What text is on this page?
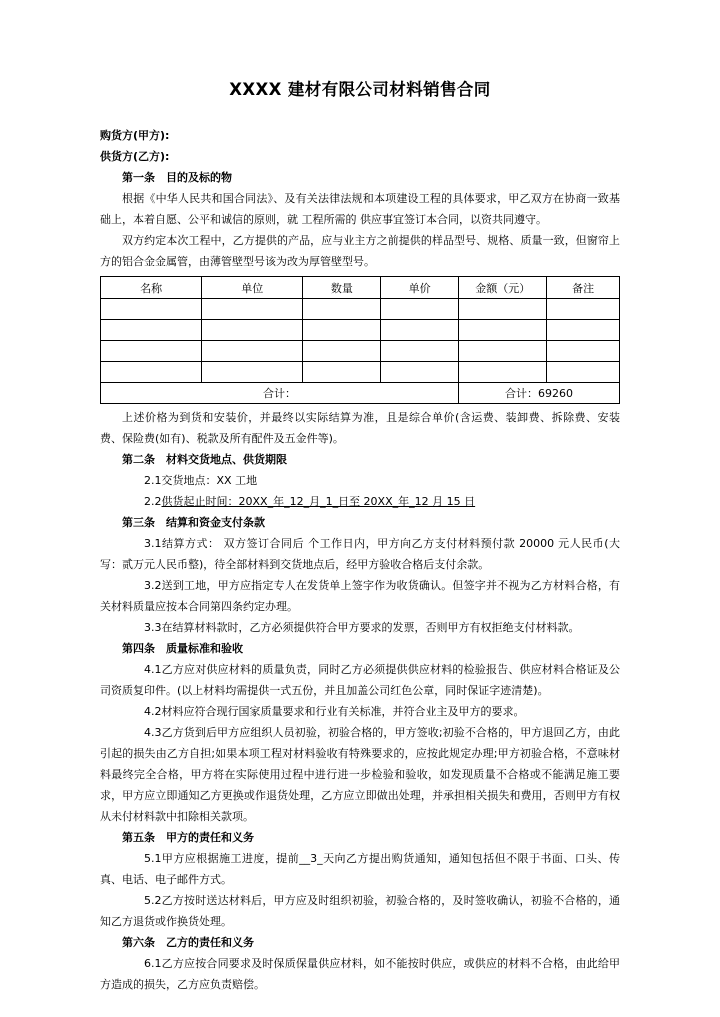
XXXX 建材有限公司材料销售合同

购货方(甲方):

供货方(乙方):

第一条　目的及标的物

根据《中华人民共和国合同法》、及有关法律法规和本项建设工程的具体要求，甲乙双方在协商一致基础上，本着自愿、公平和诚信的原则，就 工程所需的 供应事宜签订本合同，以资共同遵守。

双方约定本次工程中，乙方提供的产品，应与业主方之前提供的样品型号、规格、质量一致，但窗帘上方的铝合金金属管，由薄管壁型号该为改为厚管壁型号。

名称	单位	数量	单价	金额（元）	备注

合计：				合计：69260	

上述价格为到货和安装价，并最终以实际结算为准，且是综合单价(含运费、装卸费、拆除费、安装费、保险费(如有)、税款及所有配件及五金件等)。

第二条　材料交货地点、供货期限

2.1交货地点：XX 工地

2.2供货起止时间：20XX_年_12_月_1_日至 20XX_年_12 月 15 日

第三条　结算和资金支付条款

3.1结算方式： 双方签订合同后 个工作日内，甲方向乙方支付材料预付款 20000 元人民币(大写：贰万元人民币整)，待全部材料到交货地点后，经甲方验收合格后支付余款。

3.2送到工地，甲方应指定专人在发货单上签字作为收货确认。但签字并不视为乙方材料合格，有关材料质量应按本合同第四条约定办理。

3.3在结算材料款时，乙方必须提供符合甲方要求的发票，否则甲方有权拒绝支付材料款。

第四条　质量标准和验收

4.1乙方应对供应材料的质量负责，同时乙方必须提供供应材料的检验报告、供应材料合格证及公司资质复印件。(以上材料均需提供一式五份，并且加盖公司红色公章，同时保证字迹清楚)。

4.2材料应符合现行国家质量要求和行业有关标准，并符合业主及甲方的要求。

4.3乙方货到后甲方应组织人员初验，初验合格的，甲方签收;初验不合格的，甲方退回乙方，由此引起的损失由乙方自担;如果本项工程对材料验收有特殊要求的，应按此规定办理;甲方初验合格，不意味材料最终完全合格，甲方将在实际使用过程中进行进一步检验和验收，如发现质量不合格或不能满足施工要求，甲方应立即通知乙方更换或作退货处理，乙方应立即做出处理，并承担相关损失和费用，否则甲方有权从未付材料款中扣除相关款项。

第五条　甲方的责任和义务

5.1甲方应根据施工进度，提前__3_天向乙方提出购货通知，通知包括但不限于书面、口头、传真、电话、电子邮件方式。

5.2乙方按时送达材料后，甲方应及时组织初验，初验合格的，及时签收确认，初验不合格的，通知乙方退货或作换货处理。

第六条　乙方的责任和义务

6.1乙方应按合同要求及时保质保量供应材料，如不能按时供应，或供应的材料不合格，由此给甲方造成的损失，乙方应负责赔偿。
